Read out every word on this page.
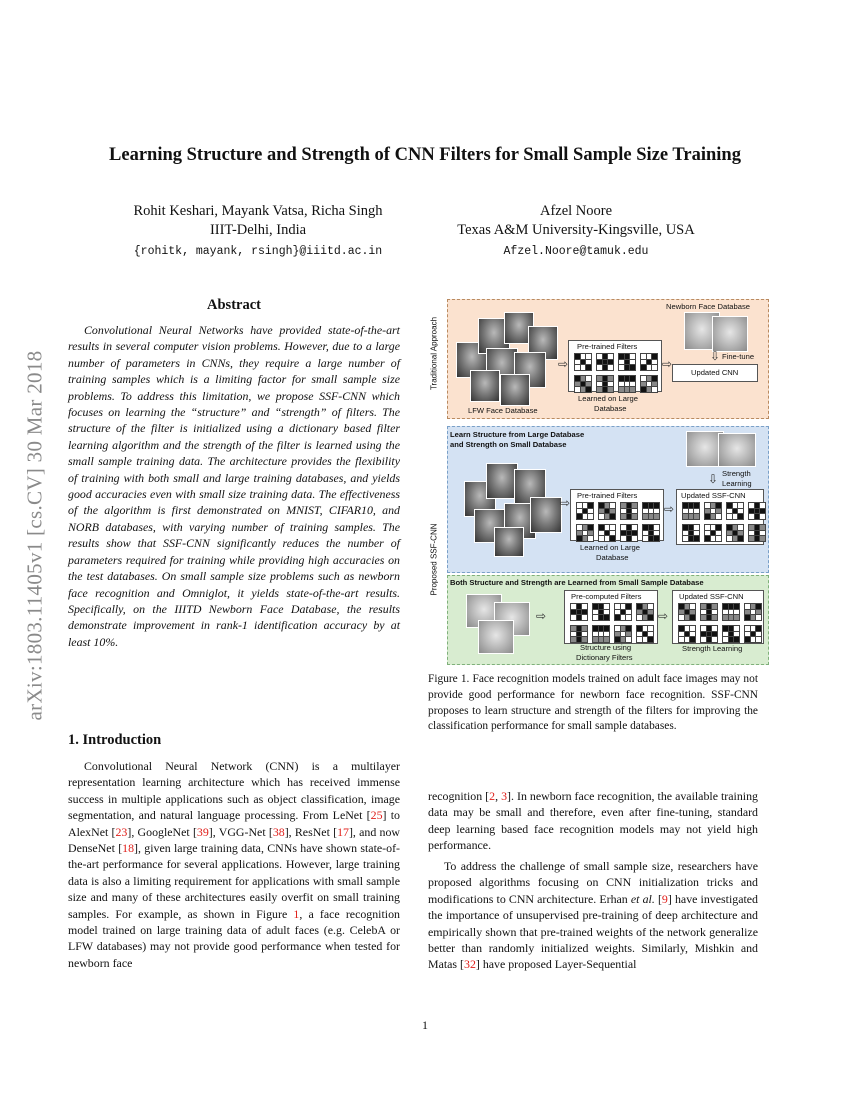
arXiv:1803.11405v1 [cs.CV] 30 Mar 2018
Learning Structure and Strength of CNN Filters for Small Sample Size Training
Rohit Keshari, Mayank Vatsa, Richa Singh
IIIT-Delhi, India
{rohitk, mayank, rsingh}@iiitd.ac.in
Afzel Noore
Texas A&M University-Kingsville, USA
Afzel.Noore@tamuk.edu
Abstract
Convolutional Neural Networks have provided state-of-the-art results in several computer vision problems. However, due to a large number of parameters in CNNs, they require a large number of training samples which is a limiting factor for small sample size problems. To address this limitation, we propose SSF-CNN which focuses on learning the “structure” and “strength” of filters. The structure of the filter is initialized using a dictionary based filter learning algorithm and the strength of the filter is learned using the small sample training data. The architecture provides the flexibility of training with both small and large training databases, and yields good accuracies even with small size training data. The effectiveness of the algorithm is first demonstrated on MNIST, CIFAR10, and NORB databases, with varying number of training samples. The results show that SSF-CNN significantly reduces the number of parameters required for training while providing high accuracies on the test databases. On small sample size problems such as newborn face recognition and Omniglot, it yields state-of-the-art results. Specifically, on the IIITD Newborn Face Database, the results demonstrate improvement in rank-1 identification accuracy by at least 10%.
1. Introduction
Convolutional Neural Network (CNN) is a multilayer representation learning architecture which has received immense success in multiple applications such as object classification, image segmentation, and natural language processing. From LeNet [25] to AlexNet [23], GoogleNet [39], VGG-Net [38], ResNet [17], and now DenseNet [18], given large training data, CNNs have shown state-of-the-art performance for several applications. However, large training data is also a limiting requirement for applications with small sample size and many of these architectures easily overfit on small training samples. For example, as shown in Figure 1, a face recognition model trained on large training data of adult faces (e.g. CelebA or LFW databases) may not provide good performance when tested for newborn face
LFW Face Database
⇨
Pre-trained Filters
Learned on Large
Database
⇨
Newborn Face Database
⇩ Fine-tune
Updated CNN
Traditional Approach
Learn Structure from Large Database
and Strength on Small Database
⇨
Pre-trained Filters
Learned on Large
Database
⇨
Strength
Learning
⇩
Updated SSF-CNN
Proposed SSF-CNN Both Structure and Strength are Learned from Small Sample Database
⇨
Pre-computed Filters
Structure using
Dictionary Filters
⇨
Updated SSF-CNN
Strength Learning
Figure 1. Face recognition models trained on adult face images may not provide good performance for newborn face recognition. SSF-CNN proposes to learn structure and strength of the filters for improving the classification performance for small sample databases.
recognition [2, 3]. In newborn face recognition, the available training data may be small and therefore, even after fine-tuning, standard deep learning based face recognition models may not yield high performance.
To address the challenge of small sample size, researchers have proposed algorithms focusing on CNN initialization tricks and modifications to CNN architecture. Erhan et al. [9] have investigated the importance of unsupervised pre-training of deep architecture and empirically shown that pre-trained weights of the network generalize better than randomly initialized weights. Similarly, Mishkin and Matas [32] have proposed Layer-Sequential
1
